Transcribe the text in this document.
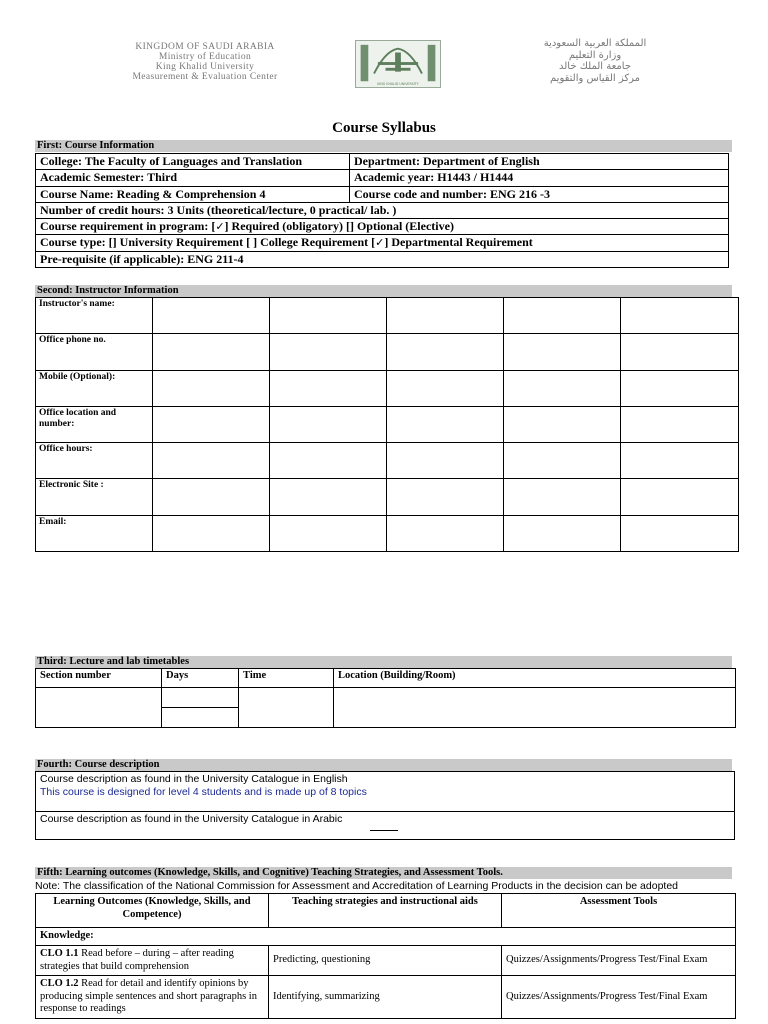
KINGDOM OF SAUDI ARABIA
Ministry of Education
King Khalid University
Measurement & Evaluation Center
KING KHALID UNIVERSITY
المملكة العربية السعودية
وزارة التعليم
جامعة الملك خالد
مركز القياس والتقويم
Course Syllabus
First: Course Information
College: The Faculty of Languages and Translation	Department: Department of English
Academic Semester: Third	Academic year: H1443 / H1444
Course Name: Reading & Comprehension 4	Course code and number: ENG 216 -3
Number of credit hours: 3 Units (theoretical/lecture, 0 practical/ lab. )	
Course requirement in program: [✓] Required (obligatory) [] Optional (Elective)	
Course type: [] University Requirement [ ] College Requirement [✓] Departmental Requirement	
Pre-requisite (if applicable): ENG 211-4	
Second: Instructor Information
Instructor's name:					
Office phone no.					
Mobile (Optional):					
Office location and number:					
Office hours:					
Electronic Site :					
Email:					
Third: Lecture and lab timetables
Section number	Days	Time	Location (Building/Room)

Fourth: Course description
Course description as found in the University Catalogue in English
This course is designed for level 4 students and is made up of 8 topics

Course description as found in the University Catalogue in Arabic
Fifth: Learning outcomes (Knowledge, Skills, and Cognitive) Teaching Strategies, and Assessment Tools.
Note: The classification of the National Commission for Assessment and Accreditation of Learning Products in the decision can be adopted
Learning Outcomes (Knowledge, Skills, and Competence)	Teaching strategies and instructional aids	Assessment Tools
Knowledge:		
CLO 1.1 Read before – during – after reading strategies that build comprehension	Predicting, questioning	Quizzes/Assignments/Progress Test/Final Exam
CLO 1.2 Read for detail and identify opinions by producing simple sentences and short paragraphs in response to readings	Identifying, summarizing	Quizzes/Assignments/Progress Test/Final Exam
